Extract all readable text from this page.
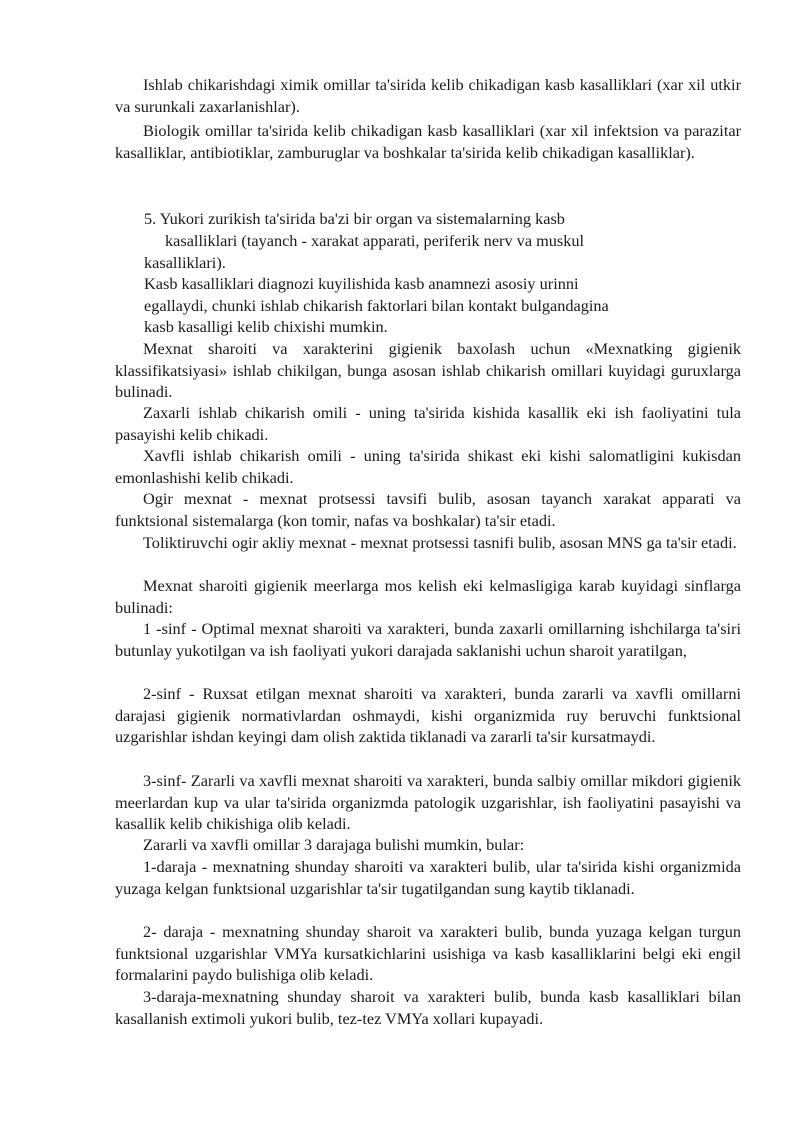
Ishlab chikarishdagi ximik omillar ta'sirida kelib chikadigan kasb kasalliklari (xar xil utkir va surunkali zaxarlanishlar).

Biologik omillar ta'sirida kelib chikadigan kasb kasalliklari (xar xil infektsion va parazitar kasalliklar, antibiotiklar, zamburuglar va boshkalar ta'sirida kelib chikadigan kasalliklar).

5. Yukori zurikish ta'sirida ba'zi bir organ va sistemalarning kasb

kasalliklari (tayanch - xarakat apparati, periferik nerv va muskul

kasalliklari).

Kasb kasalliklari diagnozi kuyilishida kasb anamnezi asosiy urinni

egallaydi, chunki ishlab chikarish faktorlari bilan kontakt bulgandagina

kasb kasalligi kelib chixishi mumkin.

Mexnat sharoiti va xarakterini gigienik baxolash uchun «Mexnatking gigienik klassifikatsiyasi» ishlab chikilgan, bunga asosan ishlab chikarish omillari kuyidagi guruxlarga bulinadi.

Zaxarli ishlab chikarish omili - uning ta'sirida kishida kasallik eki ish faoliyatini tula pasayishi kelib chikadi.

Xavfli ishlab chikarish omili - uning ta'sirida shikast eki kishi salomatligini kukisdan emonlashishi kelib chikadi.

Ogir mexnat - mexnat protsessi tavsifi bulib, asosan tayanch xarakat apparati va funktsional sistemalarga (kon tomir, nafas va boshkalar) ta'sir etadi.

Toliktiruvchi ogir akliy mexnat - mexnat protsessi tasnifi bulib, asosan MNS ga ta'sir etadi.

Mexnat sharoiti gigienik meerlarga mos kelish eki kelmasligiga karab kuyidagi sinflarga bulinadi:

1 -sinf - Optimal mexnat sharoiti va xarakteri, bunda zaxarli omillarning ishchilarga ta'siri butunlay yukotilgan va ish faoliyati yukori darajada saklanishi uchun sharoit yaratilgan,

2-sinf - Ruxsat etilgan mexnat sharoiti va xarakteri, bunda zararli va xavfli omillarni darajasi gigienik normativlardan oshmaydi, kishi organizmida ruy beruvchi funktsional uzgarishlar ishdan keyingi dam olish zaktida tiklanadi va zararli ta'sir kursatmaydi.

3-sinf- Zararli va xavfli mexnat sharoiti va xarakteri, bunda salbiy omillar mikdori gigienik meerlardan kup va ular ta'sirida organizmda patologik uzgarishlar, ish faoliyatini pasayishi va kasallik kelib chikishiga olib keladi.

Zararli va xavfli omillar 3 darajaga bulishi mumkin, bular:

1-daraja - mexnatning shunday sharoiti va xarakteri bulib, ular ta'sirida kishi organizmida yuzaga kelgan funktsional uzgarishlar ta'sir tugatilgandan sung kaytib tiklanadi.

2- daraja - mexnatning shunday sharoit va xarakteri bulib, bunda yuzaga kelgan turgun funktsional uzgarishlar VMYa kursatkichlarini usishiga va kasb kasalliklarini belgi eki engil formalarini paydo bulishiga olib keladi.

3-daraja-mexnatning shunday sharoit va xarakteri bulib, bunda kasb kasalliklari bilan kasallanish extimoli yukori bulib, tez-tez VMYa xollari kupayadi.
